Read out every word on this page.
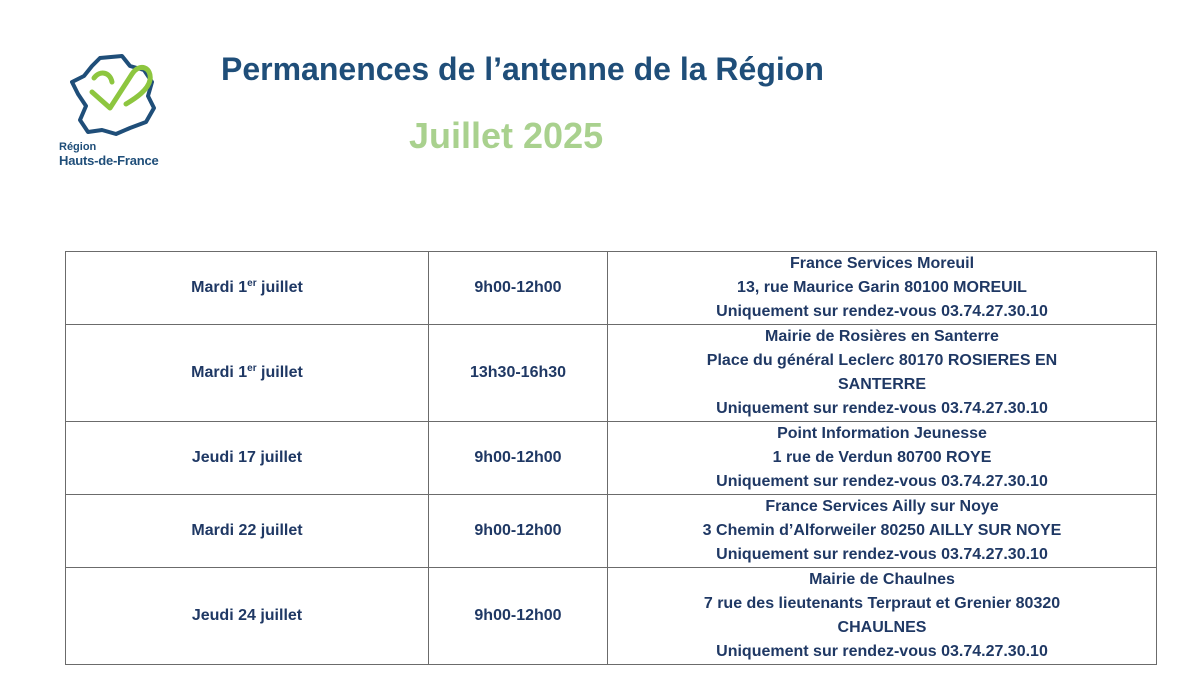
Région
Hauts-de-France
Permanences de l’antenne de la Région
Juillet 2025
Mardi 1er juillet	9h00-12h00	France Services Moreuil
13, rue Maurice Garin 80100 MOREUIL
Uniquement sur rendez-vous 03.74.27.30.10

Mardi 1er juillet	13h30-16h30	Mairie de Rosières en Santerre
Place du général Leclerc 80170 ROSIERES EN
SANTERRE
Uniquement sur rendez-vous 03.74.27.30.10

Jeudi 17 juillet	9h00-12h00	Point Information Jeunesse
1 rue de Verdun 80700 ROYE
Uniquement sur rendez-vous 03.74.27.30.10

Mardi 22 juillet	9h00-12h00	France Services Ailly sur Noye
3 Chemin d’Alforweiler 80250 AILLY SUR NOYE
Uniquement sur rendez-vous 03.74.27.30.10

Jeudi 24 juillet	9h00-12h00	Mairie de Chaulnes
7 rue des lieutenants Terpraut et Grenier 80320
CHAULNES
Uniquement sur rendez-vous 03.74.27.30.10
